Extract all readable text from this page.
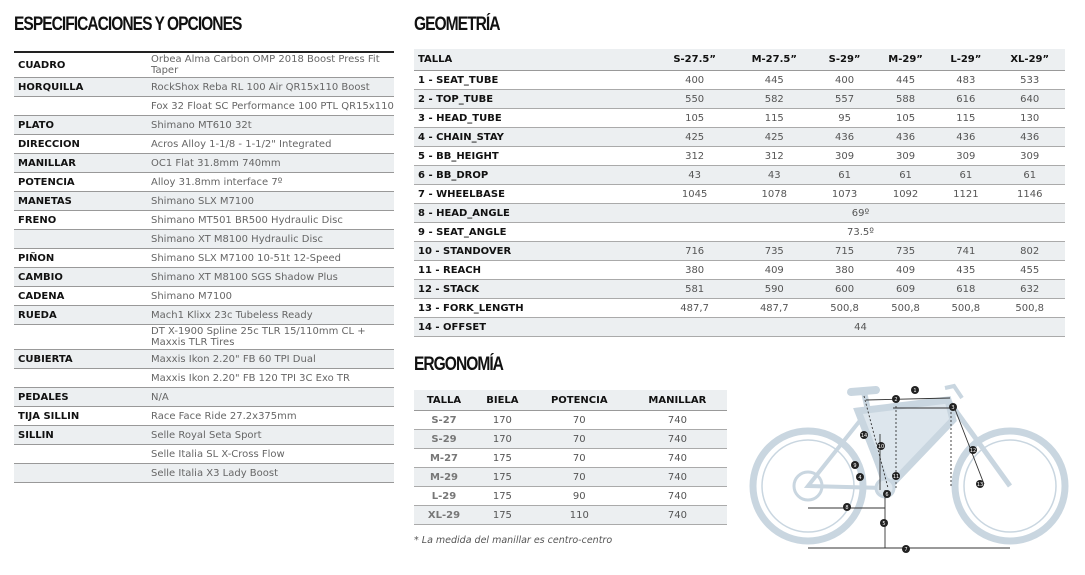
ESPECIFICACIONES Y OPCIONES
CUADRO	Orbea Alma Carbon OMP 2018 Boost Press Fit Taper
HORQUILLA	RockShox Reba RL 100 Air QR15x110 Boost
Fox 32 Float SC Performance 100 PTL QR15x110
PLATO	Shimano MT610 32t
DIRECCION	Acros Alloy 1-1/8 - 1-1/2" Integrated
MANILLAR	OC1 Flat 31.8mm 740mm
POTENCIA	Alloy 31.8mm interface 7º
MANETAS	Shimano SLX M7100
FRENO	Shimano MT501 BR500 Hydraulic Disc
Shimano XT M8100 Hydraulic Disc
PIÑON	Shimano SLX M7100 10-51t 12-Speed
CAMBIO	Shimano XT M8100 SGS Shadow Plus
CADENA	Shimano M7100
RUEDA	Mach1 Klixx 23c Tubeless Ready
DT X-1900 Spline 25c TLR 15/110mm CL + Maxxis TLR Tires
CUBIERTA	Maxxis Ikon 2.20" FB 60 TPI Dual
Maxxis Ikon 2.20" FB 120 TPI 3C Exo TR
PEDALES	N/A
TIJA SILLIN	Race Face Ride 27.2x375mm
SILLIN	Selle Royal Seta Sport
Selle Italia SL X-Cross Flow
Selle Italia X3 Lady Boost
GEOMETRÍA
TALLA	S-27.5”	M-27.5”	S-29”	M-29”	L-29”	XL-29”
1 - SEAT_TUBE	400	445	400	445	483	533
2 - TOP_TUBE	550	582	557	588	616	640
3 - HEAD_TUBE	105	115	95	105	115	130
4 - CHAIN_STAY	425	425	436	436	436	436
5 - BB_HEIGHT	312	312	309	309	309	309
6 - BB_DROP	43	43	61	61	61	61
7 - WHEELBASE	1045	1078	1073	1092	1121	1146
8 - HEAD_ANGLE	69º					
9 - SEAT_ANGLE	73.5º					
10 - STANDOVER	716	735	715	735	741	802
11 - REACH	380	409	380	409	435	455
12 - STACK	581	590	600	609	618	632
13 - FORK_LENGTH	487,7	487,7	500,8	500,8	500,8	500,8
14 - OFFSET	44					
ERGONOMÍA
TALLA	BIELA	POTENCIA	MANILLAR
S-27	170	70	740
S-29	170	70	740
M-27	175	70	740
M-29	175	70	740
L-29	175	90	740
XL-29	175	110	740
* La medida del manillar es centro-centro
1
2
3
4
5
6
7
8
9
10
11
12
13
14
